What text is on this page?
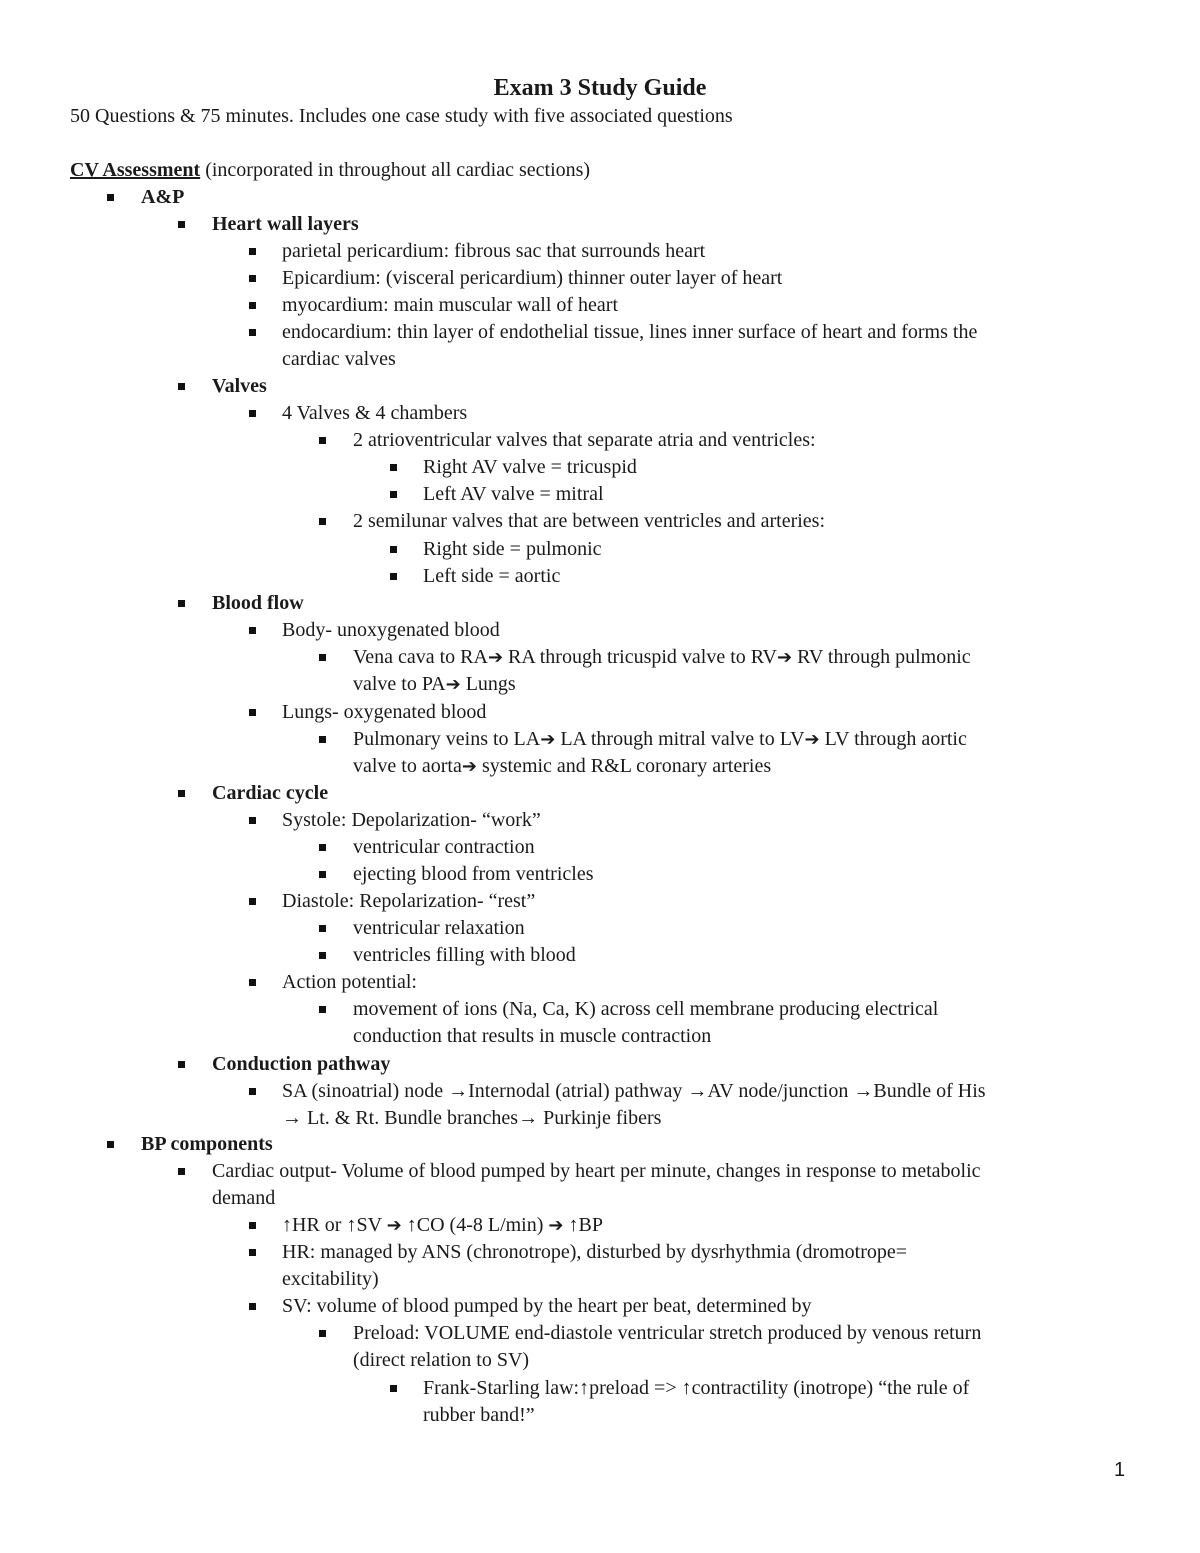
Exam 3 Study Guide
50 Questions & 75 minutes. Includes one case study with five associated questions
CV Assessment (incorporated in throughout all cardiac sections)
A&P
Heart wall layers
parietal pericardium: fibrous sac that surrounds heart
Epicardium: (visceral pericardium) thinner outer layer of heart
myocardium: main muscular wall of heart
endocardium: thin layer of endothelial tissue, lines inner surface of heart and forms the
cardiac valves
Valves
4 Valves & 4 chambers
2 atrioventricular valves that separate atria and ventricles:
Right AV valve = tricuspid
Left AV valve = mitral
2 semilunar valves that are between ventricles and arteries:
Right side = pulmonic
Left side = aortic
Blood flow
Body- unoxygenated blood
Vena cava to RA➔ RA through tricuspid valve to RV➔ RV through pulmonic
valve to PA➔ Lungs
Lungs- oxygenated blood
Pulmonary veins to LA➔ LA through mitral valve to LV➔ LV through aortic
valve to aorta➔ systemic and R&L coronary arteries
Cardiac cycle
Systole: Depolarization- “work”
ventricular contraction
ejecting blood from ventricles
Diastole: Repolarization- “rest”
ventricular relaxation
ventricles filling with blood
Action potential:
movement of ions (Na, Ca, K) across cell membrane producing electrical
conduction that results in muscle contraction
Conduction pathway
SA (sinoatrial) node →Internodal (atrial) pathway →AV node/junction →Bundle of His
→ Lt. & Rt. Bundle branches→ Purkinje fibers
BP components
Cardiac output- Volume of blood pumped by heart per minute, changes in response to metabolic
demand
↑HR or ↑SV ➔ ↑CO (4-8 L/min) ➔ ↑BP
HR: managed by ANS (chronotrope), disturbed by dysrhythmia (dromotrope=
excitability)
SV: volume of blood pumped by the heart per beat, determined by
Preload: VOLUME end-diastole ventricular stretch produced by venous return
(direct relation to SV)
Frank-Starling law:↑preload => ↑contractility (inotrope) “the rule of
rubber band!”
1
